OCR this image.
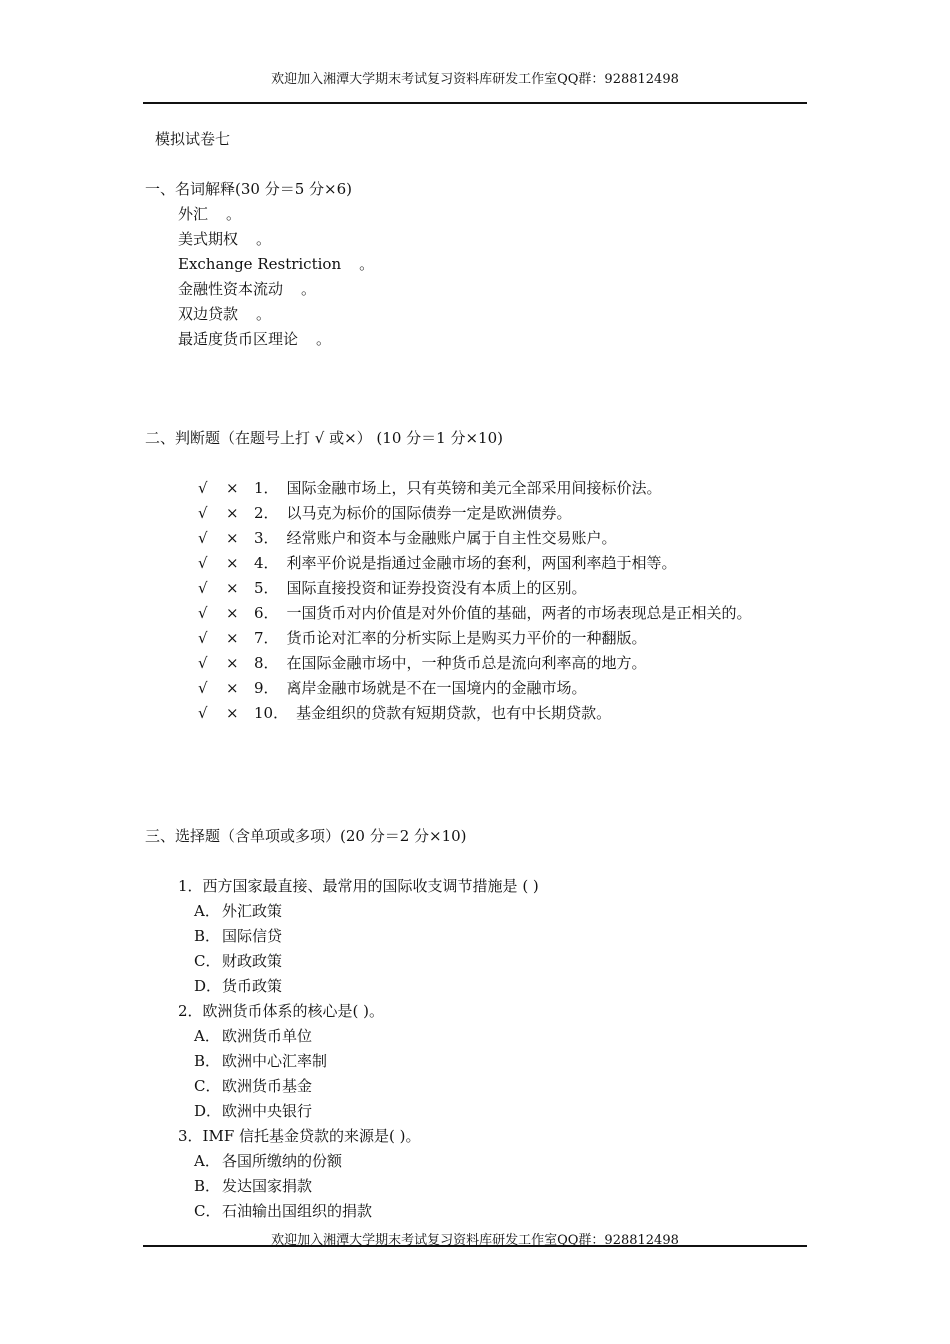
欢迎加入湘潭大学期末考试复习资料库研发工作室QQ群：928812498
模拟试卷七
一、名词解释(30 分＝5 分×6)
外汇 。
美式期权 。
Exchange Restriction 。
金融性资本流动 。
双边贷款 。
最适度货币区理论 。
二、判断题（在题号上打 √ 或×） (10 分＝1 分×10)
√ × 1． 国际金融市场上，只有英镑和美元全部采用间接标价法。
√ × 2． 以马克为标价的国际债券一定是欧洲债券。
√ × 3． 经常账户和资本与金融账户属于自主性交易账户。
√ × 4． 利率平价说是指通过金融市场的套利，两国利率趋于相等。
√ × 5． 国际直接投资和证券投资没有本质上的区别。
√ × 6． 一国货币对内价值是对外价值的基础，两者的市场表现总是正相关的。
√ × 7． 货币论对汇率的分析实际上是购买力平价的一种翻版。
√ × 8． 在国际金融市场中，一种货币总是流向利率高的地方。
√ × 9． 离岸金融市场就是不在一国境内的金融市场。
√ × 10． 基金组织的贷款有短期贷款，也有中长期贷款。
三、选择题（含单项或多项）(20 分＝2 分×10)
1．西方国家最直接、最常用的国际收支调节措施是 ( )
A． 外汇政策
B． 国际信贷
C． 财政政策
D．货币政策
2．欧洲货币体系的核心是( )。
A． 欧洲货币单位
B． 欧洲中心汇率制
C． 欧洲货币基金
D．欧洲中央银行
3．IMF 信托基金贷款的来源是( )。
A． 各国所缴纳的份额
B． 发达国家捐款
C． 石油输出国组织的捐款
欢迎加入湘潭大学期末考试复习资料库研发工作室QQ群：928812498
